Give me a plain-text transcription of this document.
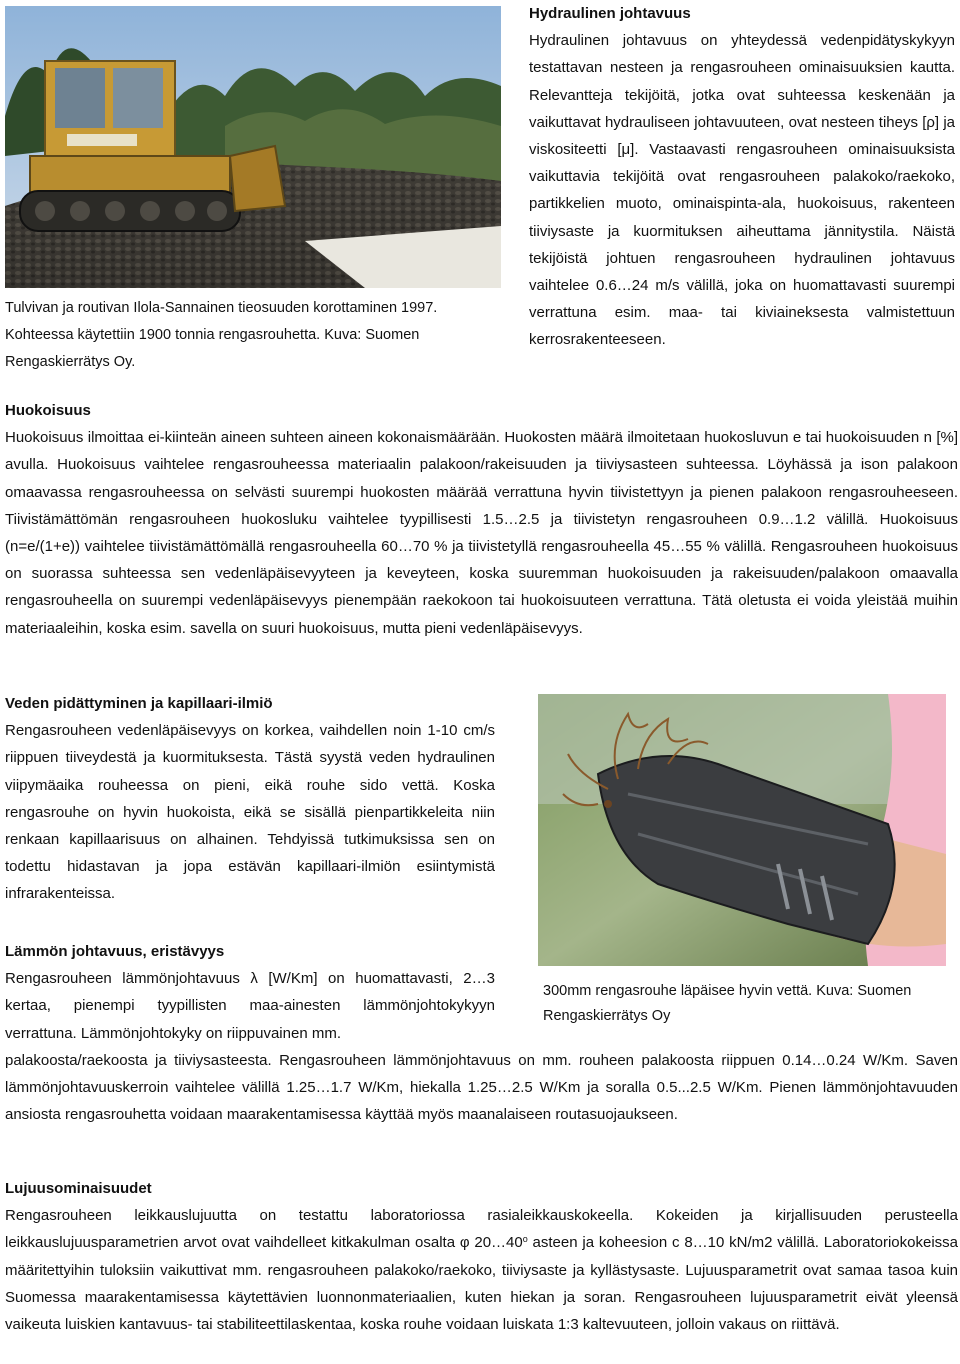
Tulvivan ja routivan Ilola-Sannainen tieosuuden korottaminen 1997. Kohteessa käytettiin 1900 tonnia rengasrouhetta. Kuva: Suomen Rengaskierrätys Oy.
Hydraulinen johtavuus

Hydraulinen johtavuus on yhteydessä vedenpidätyskykyyn testattavan nesteen ja rengasrouheen ominaisuuksien kautta. Relevantteja tekijöitä, jotka ovat suhteessa keskenään ja vaikuttavat hydrauliseen johtavuuteen, ovat nesteen tiheys [ρ] ja viskositeetti [μ]. Vastaavasti rengasrouheen ominaisuuksista vaikuttavia tekijöitä ovat rengasrouheen palakoko/raekoko, partikkelien muoto, ominaispinta-ala, huokoisuus, rakenteen tiiviysaste ja kuormituksen aiheuttama jännitystila. Näistä tekijöistä johtuen rengasrouheen hydraulinen johtavuus vaihtelee 0.6…24 m/s välillä, joka on huomattavasti suurempi verrattuna esim. maa- tai kiviaineksesta valmistettuun kerrosrakenteeseen.

Huokoisuus

Huokoisuus ilmoittaa ei-kiinteän aineen suhteen aineen kokonaismäärään. Huokosten määrä ilmoitetaan huokosluvun e tai huokoisuuden n [%] avulla. Huokoisuus vaihtelee rengasrouheessa materiaalin palakoon/rakeisuuden ja tiiviysasteen suhteessa. Löyhässä ja ison palakoon omaavassa rengasrouheessa on selvästi suurempi huokosten määrää verrattuna hyvin tiivistettyyn ja pienen palakoon rengasrouheeseen. Tiivistämättömän rengasrouheen huokosluku vaihtelee tyypillisesti 1.5…2.5 ja tiivistetyn rengasrouheen 0.9…1.2 välillä. Huokoisuus (n=e/(1+e)) vaihtelee tiivistämättömällä rengasrouheella 60…70 % ja tiivistetyllä rengasrouheella 45…55 % välillä. Rengasrouheen huokoisuus on suorassa suhteessa sen vedenläpäisevyyteen ja keveyteen, koska suuremman huokoisuuden ja rakeisuuden/palakoon omaavalla rengasrouheella on suurempi vedenläpäisevyys pienempään raekokoon tai huokoisuuteen verrattuna. Tätä oletusta ei voida yleistää muihin materiaaleihin, koska esim. savella on suuri huokoisuus, mutta pieni vedenläpäisevyys.

Veden pidättyminen ja kapillaari-ilmiö

Rengasrouheen vedenläpäisevyys on korkea, vaihdellen noin 1-10 cm/s riippuen tiiveydestä ja kuormituksesta. Tästä syystä veden hydraulinen viipymäaika rouheessa on pieni, eikä rouhe sido vettä. Koska rengasrouhe on hyvin huokoista, eikä se sisällä pienpartikkeleita niin renkaan kapillaarisuus on alhainen. Tehdyissä tutkimuksissa sen on todettu hidastavan ja jopa estävän kapillaari-ilmiön esiintymistä infrarakenteissa.

300mm rengasrouhe läpäisee hyvin vettä. Kuva: Suomen Rengaskierrätys Oy
Lämmön johtavuus, eristävyys

Rengasrouheen lämmönjohtavuus λ [W/Km] on huomattavasti, 2…3 kertaa, pienempi tyypillisten maa-ainesten lämmönjohtokykyyn verrattuna. Lämmönjohtokyky on riippuvainen mm.

palakoosta/raekoosta ja tiiviysasteesta. Rengasrouheen lämmönjohtavuus on mm. rouheen palakoosta riippuen 0.14…0.24 W/Km. Saven lämmönjohtavuuskerroin vaihtelee välillä 1.25…1.7 W/Km, hiekalla 1.25…2.5 W/Km ja soralla 0.5...2.5 W/Km. Pienen lämmönjohtavuuden ansiosta rengasrouhetta voidaan maarakentamisessa käyttää myös maanalaiseen routasuojaukseen.

Lujuusominaisuudet

Rengasrouheen leikkauslujuutta on testattu laboratoriossa rasialeikkauskokeella. Kokeiden ja kirjallisuuden perusteella leikkauslujuusparametrien arvot ovat vaihdelleet kitkakulman osalta φ 20…40$^o$ asteen ja koheesion c 8…10 kN/m2 välillä. Laboratoriokokeissa määritettyihin tuloksiin vaikuttivat mm. rengasrouheen palakoko/raekoko, tiiviysaste ja kyllästysaste. Lujuusparametrit ovat samaa tasoa kuin Suomessa maarakentamisessa käytettävien luonnonmateriaalien, kuten hiekan ja soran. Rengasrouheen lujuusparametrit eivät yleensä vaikeuta luiskien kantavuus- tai stabiliteettilaskentaa, koska rouhe voidaan luiskata 1:3 kaltevuuteen, jolloin vakaus on riittävä.
